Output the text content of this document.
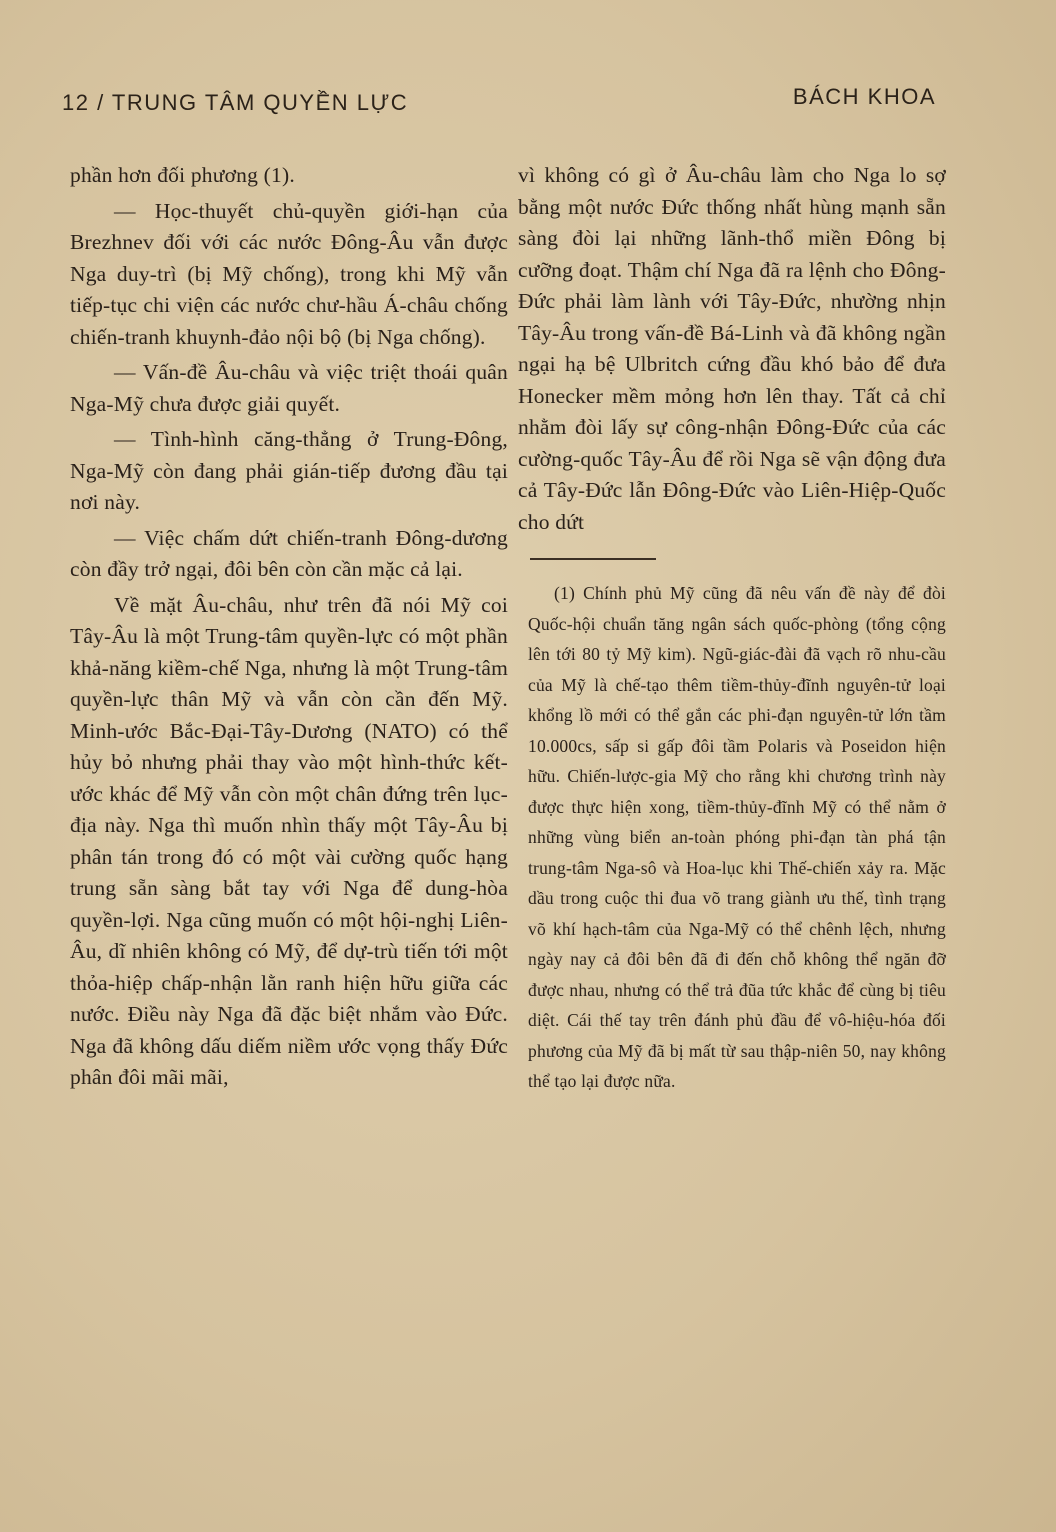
12 / TRUNG TÂM QUYỀN LỰC	BÁCH KHOA

phần hơn đối phương (1).

— Học-thuyết chủ-quyền giới-hạn của Brezhnev đối với các nước Đông-Âu vẫn được Nga duy-trì (bị Mỹ chống), trong khi Mỹ vẫn tiếp-tục chi viện các nước chư-hầu Á-châu chống chiến-tranh khuynh-đảo nội bộ (bị Nga chống).

— Vấn-đề Âu-châu và việc triệt thoái quân Nga-Mỹ chưa được giải quyết.

— Tình-hình căng-thẳng ở Trung-Đông, Nga-Mỹ còn đang phải gián-tiếp đương đầu tại nơi này.

— Việc chấm dứt chiến-tranh Đông-dương còn đầy trở ngại, đôi bên còn cần mặc cả lại.

Về mặt Âu-châu, như trên đã nói Mỹ coi Tây-Âu là một Trung-tâm quyền-lực có một phần khả-năng kiềm-chế Nga, nhưng là một Trung-tâm quyền-lực thân Mỹ và vẫn còn cần đến Mỹ. Minh-ước Bắc-Đại-Tây-Dương (NATO) có thể hủy bỏ nhưng phải thay vào một hình-thức kết-ước khác để Mỹ vẫn còn một chân đứng trên lục-địa này. Nga thì muốn nhìn thấy một Tây-Âu bị phân tán trong đó có một vài cường quốc hạng trung sẵn sàng bắt tay với Nga để dung-hòa quyền-lợi. Nga cũng muốn có một hội-nghị Liên-Âu, dĩ nhiên không có Mỹ, để dự-trù tiến tới một thỏa-hiệp chấp-nhận lằn ranh hiện hữu giữa các nước. Điều này Nga đã đặc biệt nhắm vào Đức. Nga đã không dấu diếm niềm ước vọng thấy Đức phân đôi mãi mãi,

vì không có gì ở Âu-châu làm cho Nga lo sợ bằng một nước Đức thống nhất hùng mạnh sẵn sàng đòi lại những lãnh-thổ miền Đông bị cưỡng đoạt. Thậm chí Nga đã ra lệnh cho Đông-Đức phải làm lành với Tây-Đức, nhường nhịn Tây-Âu trong vấn-đề Bá-Linh và đã không ngần ngại hạ bệ Ulbritch cứng đầu khó bảo để đưa Honecker mềm mỏng hơn lên thay. Tất cả chỉ nhằm đòi lấy sự công-nhận Đông-Đức của các cường-quốc Tây-Âu để rồi Nga sẽ vận động đưa cả Tây-Đức lẫn Đông-Đức vào Liên-Hiệp-Quốc cho dứt

(1) Chính phủ Mỹ cũng đã nêu vấn đề này để đòi Quốc-hội chuẩn tăng ngân sách quốc-phòng (tổng cộng lên tới 80 tỷ Mỹ kim). Ngũ-giác-đài đã vạch rõ nhu-cầu của Mỹ là chế-tạo thêm tiềm-thủy-đĩnh nguyên-tử loại khổng lồ mới có thể gắn các phi-đạn nguyên-tử lớn tầm 10.000cs, sấp si gấp đôi tầm Polaris và Poseidon hiện hữu. Chiến-lược-gia Mỹ cho rằng khi chương trình này được thực hiện xong, tiềm-thủy-đĩnh Mỹ có thể nằm ở những vùng biển an-toàn phóng phi-đạn tàn phá tận trung-tâm Nga-sô và Hoa-lục khi Thế-chiến xảy ra. Mặc dầu trong cuộc thi đua võ trang giành ưu thế, tình trạng võ khí hạch-tâm của Nga-Mỹ có thể chênh lệch, nhưng ngày nay cả đôi bên đã đi đến chỗ không thể ngăn đỡ được nhau, nhưng có thể trả đũa tức khắc để cùng bị tiêu diệt. Cái thế tay trên đánh phủ đầu để vô-hiệu-hóa đối phương của Mỹ đã bị mất từ sau thập-niên 50, nay không thể tạo lại được nữa.
